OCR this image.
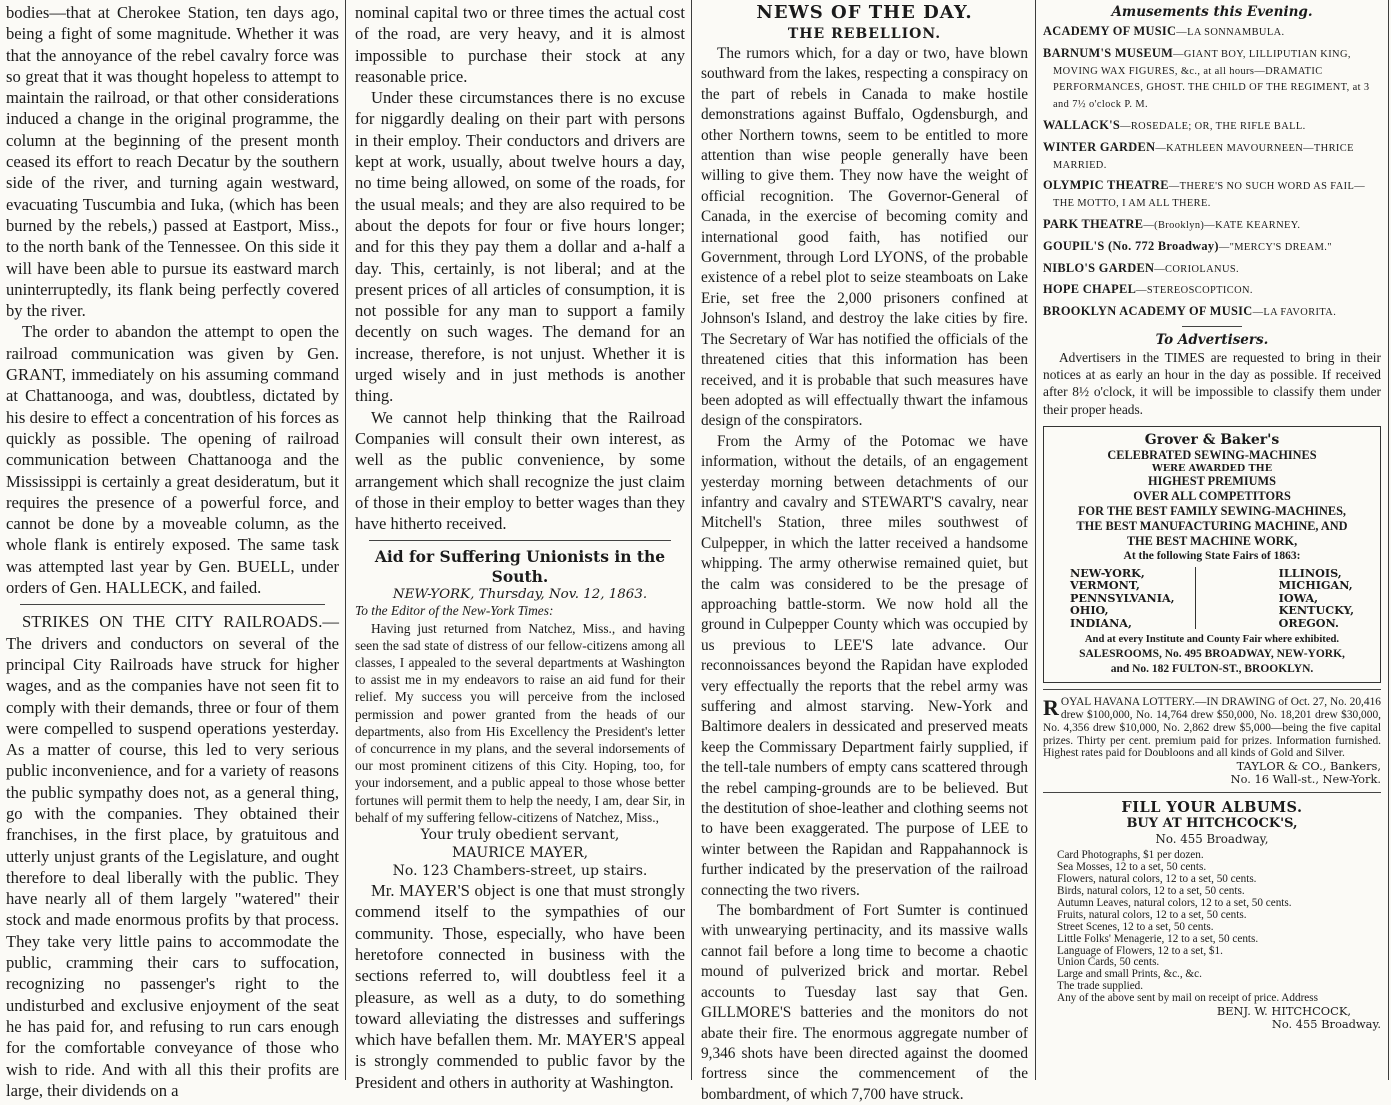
bodies—that at Cherokee Station, ten days ago, being a fight of some magnitude. Whether it was that the annoyance of the rebel cavalry force was so great that it was thought hopeless to attempt to maintain the railroad, or that other considerations induced a change in the original programme, the column at the beginning of the present month ceased its effort to reach Decatur by the southern side of the river, and turning again westward, evacuating Tuscumbia and Iuka, (which has been burned by the rebels,) passed at Eastport, Miss., to the north bank of the Tennessee. On this side it will have been able to pursue its eastward march uninterruptedly, its flank being perfectly covered by the river.

The order to abandon the attempt to open the railroad communication was given by Gen. GRANT, immediately on his assuming command at Chattanooga, and was, doubtless, dictated by his desire to effect a concentration of his forces as quickly as possible. The opening of railroad communication between Chattanooga and the Mississippi is certainly a great desideratum, but it requires the presence of a powerful force, and cannot be done by a moveable column, as the whole flank is entirely exposed. The same task was attempted last year by Gen. BUELL, under orders of Gen. HALLECK, and failed.

STRIKES ON THE CITY RAILROADS.— The drivers and conductors on several of the principal City Railroads have struck for higher wages, and as the companies have not seen fit to comply with their demands, three or four of them were compelled to suspend operations yesterday. As a matter of course, this led to very serious public inconvenience, and for a variety of reasons the public sympathy does not, as a general thing, go with the companies. They obtained their franchises, in the first place, by gratuitous and utterly unjust grants of the Legislature, and ought therefore to deal liberally with the public. They have nearly all of them largely "watered" their stock and made enormous profits by that process. They take very little pains to accommodate the public, cramming their cars to suffocation, recognizing no passenger's right to the undisturbed and exclusive enjoyment of the seat he has paid for, and refusing to run cars enough for the comfortable conveyance of those who wish to ride. And with all this their profits are large, their dividends on a

nominal capital two or three times the actual cost of the road, are very heavy, and it is almost impossible to purchase their stock at any reasonable price.

Under these circumstances there is no excuse for niggardly dealing on their part with persons in their employ. Their conductors and drivers are kept at work, usually, about twelve hours a day, no time being allowed, on some of the roads, for the usual meals; and they are also required to be about the depots for four or five hours longer; and for this they pay them a dollar and a-half a day. This, certainly, is not liberal; and at the present prices of all articles of consumption, it is not possible for any man to support a family decently on such wages. The demand for an increase, therefore, is not unjust. Whether it is urged wisely and in just methods is another thing.

We cannot help thinking that the Railroad Companies will consult their own interest, as well as the public convenience, by some arrangement which shall recognize the just claim of those in their employ to better wages than they have hitherto received.

Aid for Suffering Unionists in the South.

NEW-YORK, Thursday, Nov. 12, 1863.

To the Editor of the New-York Times:

Having just returned from Natchez, Miss., and having seen the sad state of distress of our fellow-citizens among all classes, I appealed to the several departments at Washington to assist me in my endeavors to raise an aid fund for their relief. My success you will perceive from the inclosed permission and power granted from the heads of our departments, also from His Excellency the President's letter of concurrence in my plans, and the several indorsements of our most prominent citizens of this City. Hoping, too, for your indorsement, and a public appeal to those whose better fortunes will permit them to help the needy, I am, dear Sir, in behalf of my suffering fellow-citizens of Natchez, Miss.,

Your truly obedient servant,

MAURICE MAYER,

No. 123 Chambers-street, up stairs.

Mr. MAYER'S object is one that must strongly commend itself to the sympathies of our community. Those, especially, who have been heretofore connected in business with the sections referred to, will doubtless feel it a pleasure, as well as a duty, to do something toward alleviating the distresses and sufferings which have befallen them. Mr. MAYER'S appeal is strongly commended to public favor by the President and others in authority at Washington.

NEWS OF THE DAY.

THE REBELLION.

The rumors which, for a day or two, have blown southward from the lakes, respecting a conspiracy on the part of rebels in Canada to make hostile demonstrations against Buffalo, Ogdensburgh, and other Northern towns, seem to be entitled to more attention than wise people generally have been willing to give them. They now have the weight of official recognition. The Governor-General of Canada, in the exercise of becoming comity and international good faith, has notified our Government, through Lord LYONS, of the probable existence of a rebel plot to seize steamboats on Lake Erie, set free the 2,000 prisoners confined at Johnson's Island, and destroy the lake cities by fire. The Secretary of War has notified the officials of the threatened cities that this information has been received, and it is probable that such measures have been adopted as will effectually thwart the infamous design of the conspirators.

From the Army of the Potomac we have information, without the details, of an engagement yesterday morning between detachments of our infantry and cavalry and STEWART'S cavalry, near Mitchell's Station, three miles southwest of Culpepper, in which the latter received a handsome whipping. The army otherwise remained quiet, but the calm was considered to be the presage of approaching battle-storm. We now hold all the ground in Culpepper County which was occupied by us previous to LEE'S late advance. Our reconnoissances beyond the Rapidan have exploded very effectually the reports that the rebel army was suffering and almost starving. New-York and Baltimore dealers in dessicated and preserved meats keep the Commissary Department fairly supplied, if the tell-tale numbers of empty cans scattered through the rebel camping-grounds are to be believed. But the destitution of shoe-leather and clothing seems not to have been exaggerated. The purpose of LEE to winter between the Rapidan and Rappahannock is further indicated by the preservation of the railroad connecting the two rivers.

The bombardment of Fort Sumter is continued with unwearying pertinacity, and its massive walls cannot fail before a long time to become a chaotic mound of pulverized brick and mortar. Rebel accounts to Tuesday last say that Gen. GILLMORE'S batteries and the monitors do not abate their fire. The enormous aggregate number of 9,346 shots have been directed against the doomed fortress since the commencement of the bombardment, of which 7,700 have struck.

Amusements this Evening.

ACADEMY OF MUSIC—LA SONNAMBULA.
BARNUM'S MUSEUM—GIANT BOY, LILLIPUTIAN KING, MOVING WAX FIGURES, &c., at all hours—DRAMATIC PERFORMANCES, GHOST. THE CHILD OF THE REGIMENT, at 3 and 7½ o'clock P. M.
WALLACK'S—ROSEDALE; OR, THE RIFLE BALL.
WINTER GARDEN—KATHLEEN MAVOURNEEN—THRICE MARRIED.
OLYMPIC THEATRE—THERE'S NO SUCH WORD AS FAIL—THE MOTTO, I AM ALL THERE.
PARK THEATRE—(Brooklyn)—KATE KEARNEY.
GOUPIL'S (No. 772 Broadway)—"MERCY'S DREAM."
NIBLO'S GARDEN—CORIOLANUS.
HOPE CHAPEL—STEREOSCOPTICON.
BROOKLYN ACADEMY OF MUSIC—LA FAVORITA.

To Advertisers.

Advertisers in the TIMES are requested to bring in their notices at as early an hour in the day as possible. If received after 8½ o'clock, it will be impossible to classify them under their proper heads.

Grover & Baker's

CELEBRATED SEWING-MACHINES

WERE AWARDED THE

HIGHEST PREMIUMS

OVER ALL COMPETITORS

FOR THE BEST FAMILY SEWING-MACHINES,

THE BEST MANUFACTURING MACHINE, AND

THE BEST MACHINE WORK,

At the following State Fairs of 1863:

NEW-YORK,
VERMONT,
PENNSYLVANIA,
OHIO,
INDIANA,
ILLINOIS,
MICHIGAN,
IOWA,
KENTUCKY,
OREGON.

And at every Institute and County Fair where exhibited.

SALESROOMS, No. 495 BROADWAY, NEW-YORK,

and No. 182 FULTON-ST., BROOKLYN.

R OYAL HAVANA LOTTERY.—IN DRAWING of Oct. 27, No. 20,416 drew $100,000, No. 14,764 drew $50,000, No. 18,201 drew $30,000, No. 4,356 drew $10,000, No. 2,862 drew $5,000—being the five capital prizes. Thirty per cent. premium paid for prizes. Information furnished. Highest rates paid for Doubloons and all kinds of Gold and Silver.

TAYLOR & CO., Bankers,

No. 16 Wall-st., New-York.

FILL YOUR ALBUMS.

BUY AT HITCHCOCK'S,

No. 455 Broadway,

Card Photographs, $1 per dozen.
Sea Mosses, 12 to a set, 50 cents.
Flowers, natural colors, 12 to a set, 50 cents.
Birds, natural colors, 12 to a set, 50 cents.
Autumn Leaves, natural colors, 12 to a set, 50 cents.
Fruits, natural colors, 12 to a set, 50 cents.
Street Scenes, 12 to a set, 50 cents.
Little Folks' Menagerie, 12 to a set, 50 cents.
Language of Flowers, 12 to a set, $1.
Union Cards, 50 cents.
Large and small Prints, &c., &c.
The trade supplied.
Any of the above sent by mail on receipt of price. Address

BENJ. W. HITCHCOCK,

No. 455 Broadway.
